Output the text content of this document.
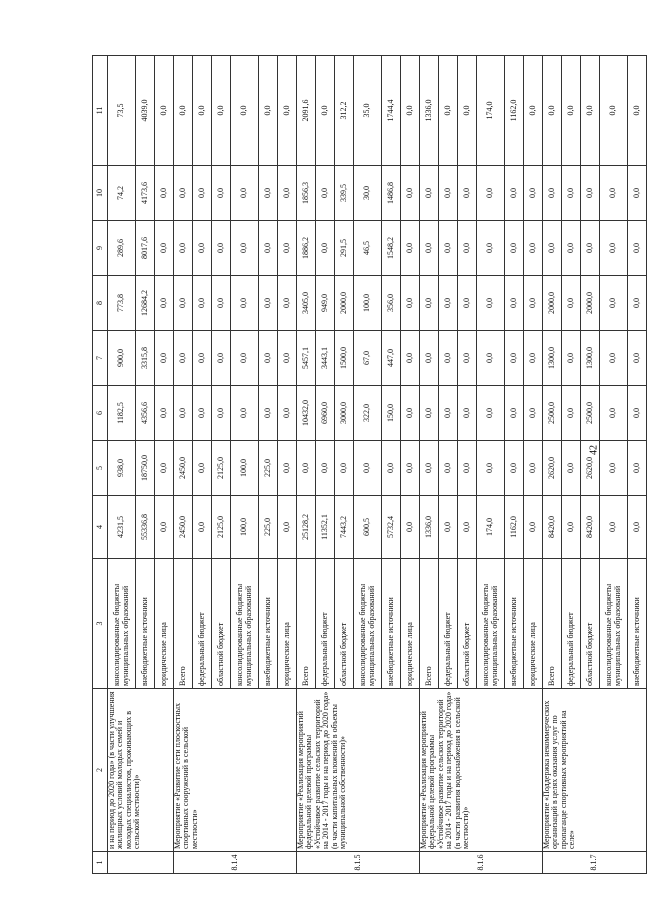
42
1	2	3	4	5	6	7	8	9	10	11
	и на период до 2020 года» (в части улучшения жилищных условий молодых семей и молодых специалистов, проживающих в сельской местности)»	консолидированные бюджеты муниципальных образований	4231,5	938,0	1182,5	900,0	773,8	289,6	74,2	73,5
		внебюджетные источники	55336,8	18750,0	4356,6	3315,8	12684,2	8017,6	4173,6	4039,0
		юридические лица	0,0	0,0	0,0	0,0	0,0	0,0	0,0	0,0
8.1.4	Мероприятие «Развитие сети плоскостных спортивных сооружений в сельской местности»	Всего	2450,0	2450,0	0,0	0,0	0,0	0,0	0,0	0,0
		федеральный бюджет	0,0	0,0	0,0	0,0	0,0	0,0	0,0	0,0
		областной бюджет	2125,0	2125,0	0,0	0,0	0,0	0,0	0,0	0,0
		консолидированные бюджеты муниципальных образований	100,0	100,0	0,0	0,0	0,0	0,0	0,0	0,0
		внебюджетные источники	225,0	225,0	0,0	0,0	0,0	0,0	0,0	0,0
		юридические лица	0,0	0,0	0,0	0,0	0,0	0,0	0,0	0,0
8.1.5	Мероприятие «Реализация мероприятий федеральной целевой программы «Устойчивое развитие сельских территорий на 2014 - 2017 годы и на период до 2020 года» (в части капитальных вложений в объекты муниципальной собственности)»	Всего	25128,2	0,0	10432,0	5457,1	3405,0	1886,2	1856,3	2091,6
		федеральный бюджет	11352,1	0,0	6960,0	3443,1	949,0	0,0	0,0	0,0
		областной бюджет	7443,2	0,0	3000,0	1500,0	2000,0	291,5	339,5	312,2
		консолидированные бюджеты муниципальных образований	600,5	0,0	322,0	67,0	100,0	46,5	30,0	35,0
		внебюджетные источники	5732,4	0,0	150,0	447,0	356,0	1548,2	1486,8	1744,4
		юридические лица	0,0	0,0	0,0	0,0	0,0	0,0	0,0	0,0
8.1.6	Мероприятие «Реализация мероприятий федеральной целевой программы «Устойчивое развитие сельских территорий на 2014 - 2017 годы и на период до 2020 года» (в части развития водоснабжения в сельской местности)»	Всего	1336,0	0,0	0,0	0,0	0,0	0,0	0,0	1336,0
		федеральный бюджет	0,0	0,0	0,0	0,0	0,0	0,0	0,0	0,0
		областной бюджет	0,0	0,0	0,0	0,0	0,0	0,0	0,0	0,0
		консолидированные бюджеты муниципальных образований	174,0	0,0	0,0	0,0	0,0	0,0	0,0	174,0
		внебюджетные источники	1162,0	0,0	0,0	0,0	0,0	0,0	0,0	1162,0
		юридические лица	0,0	0,0	0,0	0,0	0,0	0,0	0,0	0,0
8.1.7	Мероприятие «Поддержка некоммерческих организаций в целях оказания услуг по пропаганде спортивных мероприятий на селе»	Всего	8420,0	2620,0	2500,0	1300,0	2000,0	0,0	0,0	0,0
		федеральный бюджет	0,0	0,0	0,0	0,0	0,0	0,0	0,0	0,0
		областной бюджет	8420,0	2620,0	2500,0	1300,0	2000,0	0,0	0,0	0,0
		консолидированные бюджеты муниципальных образований	0,0	0,0	0,0	0,0	0,0	0,0	0,0	0,0
		внебюджетные источники	0,0	0,0	0,0	0,0	0,0	0,0	0,0	0,0
